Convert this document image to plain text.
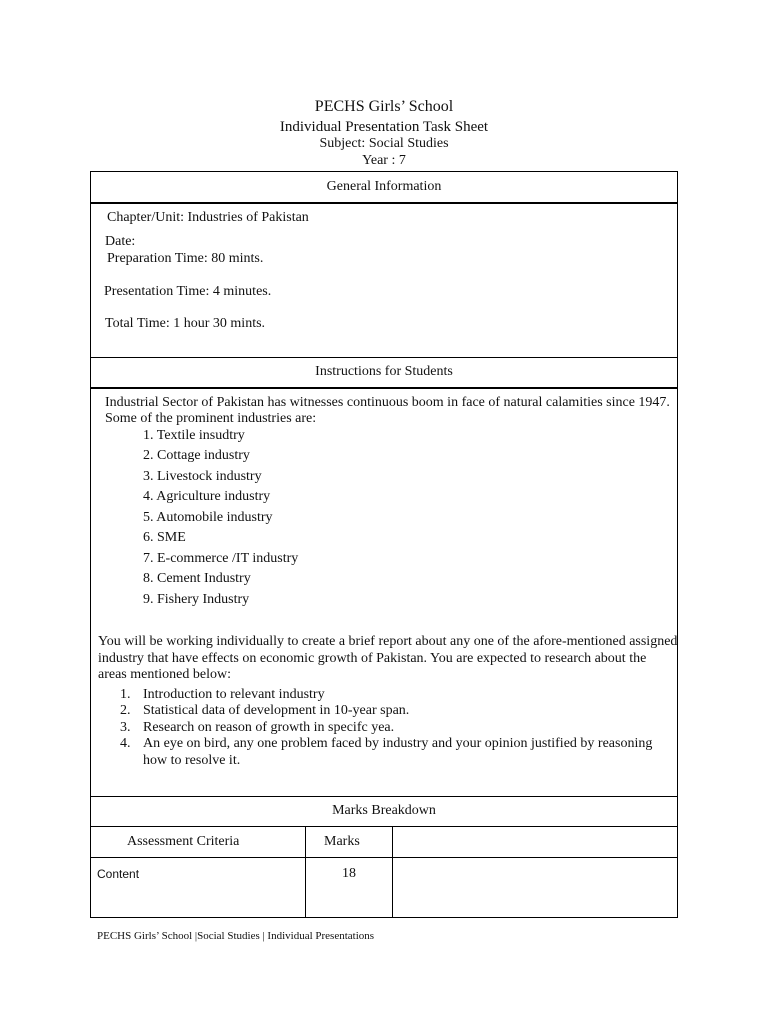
PECHS Girls’ School
Individual Presentation Task Sheet
Subject: Social Studies
Year : 7
General Information
Chapter/Unit: Industries of Pakistan
Date:
Preparation Time: 80 mints.
Presentation Time: 4 minutes.
Total Time: 1 hour 30 mints.
Instructions for Students
Industrial Sector of Pakistan has witnesses continuous boom in face of natural calamities since 1947.
Some of the prominent industries are:
1. Textile insudtry
2. Cottage industry
3. Livestock industry
4. Agriculture industry
5. Automobile industry
6. SME
7. E-commerce /IT industry
8. Cement Industry
9. Fishery Industry
You will be working individually to create a brief report about any one of the afore-mentioned assigned
industry that have effects on economic growth of Pakistan. You are expected to research about the
areas mentioned below:
1. Introduction to relevant industry
2. Statistical data of development in 10-year span.
3. Research on reason of growth in specifc yea.
4. An eye on bird, any one problem faced by industry and your opinion justified by reasoning
how to resolve it.
Marks Breakdown
Assessment Criteria	Marks
Content	18
PECHS Girls’ School |Social Studies | Individual Presentations
